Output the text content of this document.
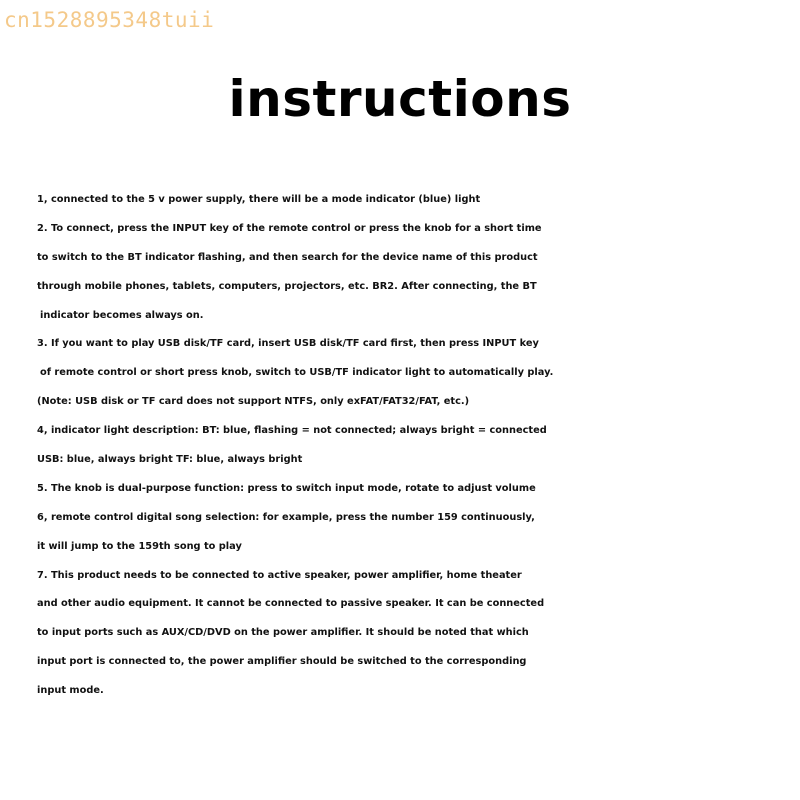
cn1528895348tuii
instructions
1, connected to the 5 v power supply, there will be a mode indicator (blue) light
2. To connect, press the INPUT key of the remote control or press the knob for a short time
to switch to the BT indicator flashing, and then search for the device name of this product
through mobile phones, tablets, computers, projectors, etc. BR2. After connecting, the BT
indicator becomes always on.
3. If you want to play USB disk/TF card, insert USB disk/TF card first, then press INPUT key
of remote control or short press knob, switch to USB/TF indicator light to automatically play.
(Note: USB disk or TF card does not support NTFS, only exFAT/FAT32/FAT, etc.)
4, indicator light description: BT: blue, flashing = not connected; always bright = connected
USB: blue, always bright TF: blue, always bright
5. The knob is dual-purpose function: press to switch input mode, rotate to adjust volume
6, remote control digital song selection: for example, press the number 159 continuously,
it will jump to the 159th song to play
7. This product needs to be connected to active speaker, power amplifier, home theater
and other audio equipment. It cannot be connected to passive speaker. It can be connected
to input ports such as AUX/CD/DVD on the power amplifier. It should be noted that which
input port is connected to, the power amplifier should be switched to the corresponding
input mode.
